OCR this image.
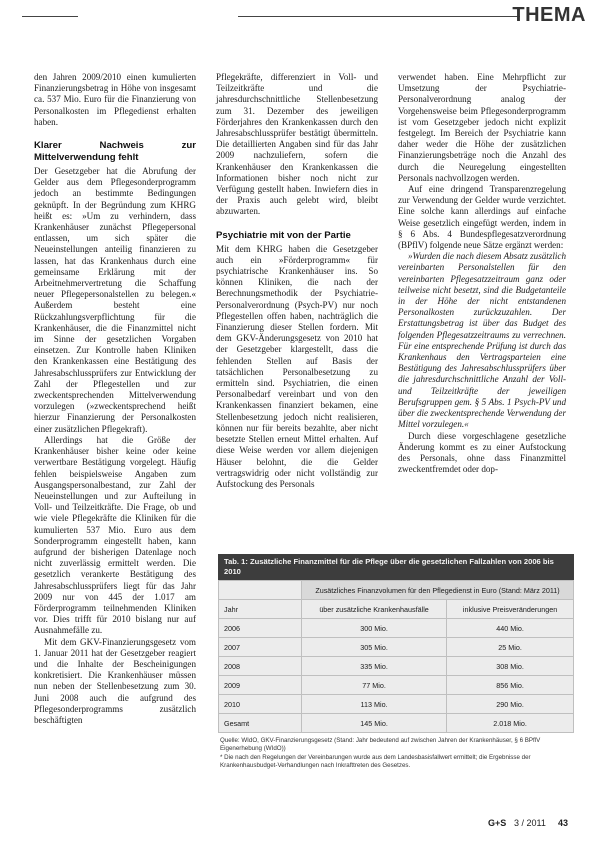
THEMA

den Jahren 2009/2010 einen kumulierten Finanzierungsbetrag in Höhe von insgesamt ca. 537 Mio. Euro für die Finanzierung von Personalkosten im Pflegedienst erhalten haben.

Klarer Nachweis zur Mittelverwendung fehlt

Der Gesetzgeber hat die Abrufung der Gelder aus dem Pflegesonderprogramm jedoch an bestimmte Bedingungen geknüpft. In der Begründung zum KHRG heißt es: »Um zu verhindern, dass Krankenhäuser zunächst Pflegepersonal entlassen, um sich später die Neueinstellungen anteilig finanzieren zu lassen, hat das Krankenhaus durch eine gemeinsame Erklärung mit der Arbeitnehmervertretung die Schaffung neuer Pflegepersonalstellen zu belegen.« Außerdem besteht eine Rückzahlungsverpflichtung für die Krankenhäuser, die die Finanzmittel nicht im Sinne der gesetzlichen Vorgaben einsetzen. Zur Kontrolle haben Kliniken den Krankenkassen eine Bestätigung des Jahresabschlussprüfers zur Entwicklung der Zahl der Pflegestellen und zur zweckentsprechenden Mittelverwendung vorzulegen (»zweckentsprechend heißt hierzur Finanzierung der Personalkosten einer zusätzlichen Pflegekraft).

Allerdings hat die Größe der Krankenhäuser bisher keine oder keine verwertbare Bestätigung vorgelegt. Häufig fehlen beispielsweise Angaben zum Ausgangspersonalbestand, zur Zahl der Neueinstellungen und zur Aufteilung in Voll- und Teilzeitkräfte. Die Frage, ob und wie viele Pflegekräfte die Kliniken für die kumulierten 537 Mio. Euro aus dem Sonderprogramm eingestellt haben, kann aufgrund der bisherigen Datenlage noch nicht zuverlässig ermittelt werden. Die gesetzlich verankerte Bestätigung des Jahresabschlussprüfers liegt für das Jahr 2009 nur von 445 der 1.017 am Förderprogramm teilnehmenden Kliniken vor. Dies trifft für 2010 bislang nur auf Ausnahmefälle zu.

Mit dem GKV-Finanzierungsgesetz vom 1. Januar 2011 hat der Gesetzgeber reagiert und die Inhalte der Bescheinigungen konkretisiert. Die Krankenhäuser müssen nun neben der Stellenbesetzung zum 30. Juni 2008 auch die aufgrund des Pflegesonderprogramms zusätzlich beschäftigten

Pflegekräfte, differenziert in Voll- und Teilzeitkräfte und die jahresdurchschnittliche Stellenbesetzung zum 31. Dezember des jeweiligen Förderjahres den Krankenkassen durch den Jahresabschlussprüfer bestätigt übermitteln. Die detaillierten Angaben sind für das Jahr 2009 nachzuliefern, sofern die Krankenhäuser den Krankenkassen die Informationen bisher noch nicht zur Verfügung gestellt haben. Inwiefern dies in der Praxis auch gelebt wird, bleibt abzuwarten.

Psychiatrie mit von der Partie

Mit dem KHRG haben die Gesetzgeber auch ein »Förderprogramm« für psychiatrische Krankenhäuser ins. So können Kliniken, die nach der Berechnungsmethodik der Psychiatrie-Personalverordnung (Psych-PV) nur noch Pflegestellen offen haben, nachträglich die Finanzierung dieser Stellen fordern. Mit dem GKV-Änderungsgesetz von 2010 hat der Gesetzgeber klargestellt, dass die fehlenden Stellen auf Basis der tatsächlichen Personalbesetzung zu ermitteln sind. Psychiatrien, die einen Personalbedarf vereinbart und von den Krankenkassen finanziert bekamen, eine Stellenbesetzung jedoch nicht realisieren, können nur für bereits bezahlte, aber nicht besetzte Stellen erneut Mittel erhalten. Auf diese Weise werden vor allem diejenigen Häuser belohnt, die die Gelder vertragswidrig oder nicht vollständig zur Aufstockung des Personals

verwendet haben. Eine Mehrpflicht zur Umsetzung der Psychiatrie-Personalverordnung analog der Vorgehensweise beim Pflegesonderprogramm ist vom Gesetzgeber jedoch nicht explizit festgelegt. Im Bereich der Psychiatrie kann daher weder die Höhe der zusätzlichen Finanzierungsbeträge noch die Anzahl des durch die Neuregelung eingestellten Personals nachvollzogen werden.

Auf eine dringend Transparenzregelung zur Verwendung der Gelder wurde verzichtet. Eine solche kann allerdings auf einfache Weise gesetzlich eingefügt werden, indem in § 6 Abs. 4 Bundespflegesatzverordnung (BPflV) folgende neue Sätze ergänzt werden:

»Wurden die nach diesem Absatz zusätzlich vereinbarten Personalstellen für den vereinbarten Pflegesatzzeitraum ganz oder teilweise nicht besetzt, sind die Budgetanteile in der Höhe der nicht entstandenen Personalkosten zurückzuzahlen. Der Erstattungsbetrag ist über das Budget des folgenden Pflegesatzzeitraums zu verrechnen. Für eine entsprechende Prüfung ist durch das Krankenhaus den Vertragsparteien eine Bestätigung des Jahresabschlussprüfers über die jahresdurchschnittliche Anzahl der Voll- und Teilzeitkräfte der jeweiligen Berufsgruppen gem. § 5 Abs. 1 Psych-PV und über die zweckentsprechende Verwendung der Mittel vorzulegen.«

Durch diese vorgeschlagene gesetzliche Änderung kommt es zu einer Aufstockung des Personals, ohne dass Finanzmittel zweckentfremdet oder dop-

Tab. 1: Zusätzliche Finanzmittel für die Pflege über die gesetzlichen Fallzahlen von 2006 bis 2010
	Zusätzliches Finanzvolumen für den Pflegedienst in Euro (Stand: März 2011)	
Jahr	über zusätzliche Krankenhausfälle	inklusive Preisveränderungen
2006	300 Mio.	440 Mio.
2007	305 Mio.	25 Mio.
2008	335 Mio.	308 Mio.
2009	77 Mio.	856 Mio.
2010	113 Mio.	290 Mio.
Gesamt	145 Mio.	2.018 Mio.
Quelle: WIdO, GKV-Finanzierungsgesetz (Stand: Jahr bedeutend auf zwischen Jahren der Krankenhäuser, § 6 BPflV Eigenerhebung (WIdO))
* Die nach den Regelungen der Vereinbarungen wurde aus dem Landesbasisfallwert ermittelt; die Ergebnisse der Krankenhausbudget-Verhandlungen nach Inkrafttreten des Gesetzes.
G+S 3 / 2011 43
